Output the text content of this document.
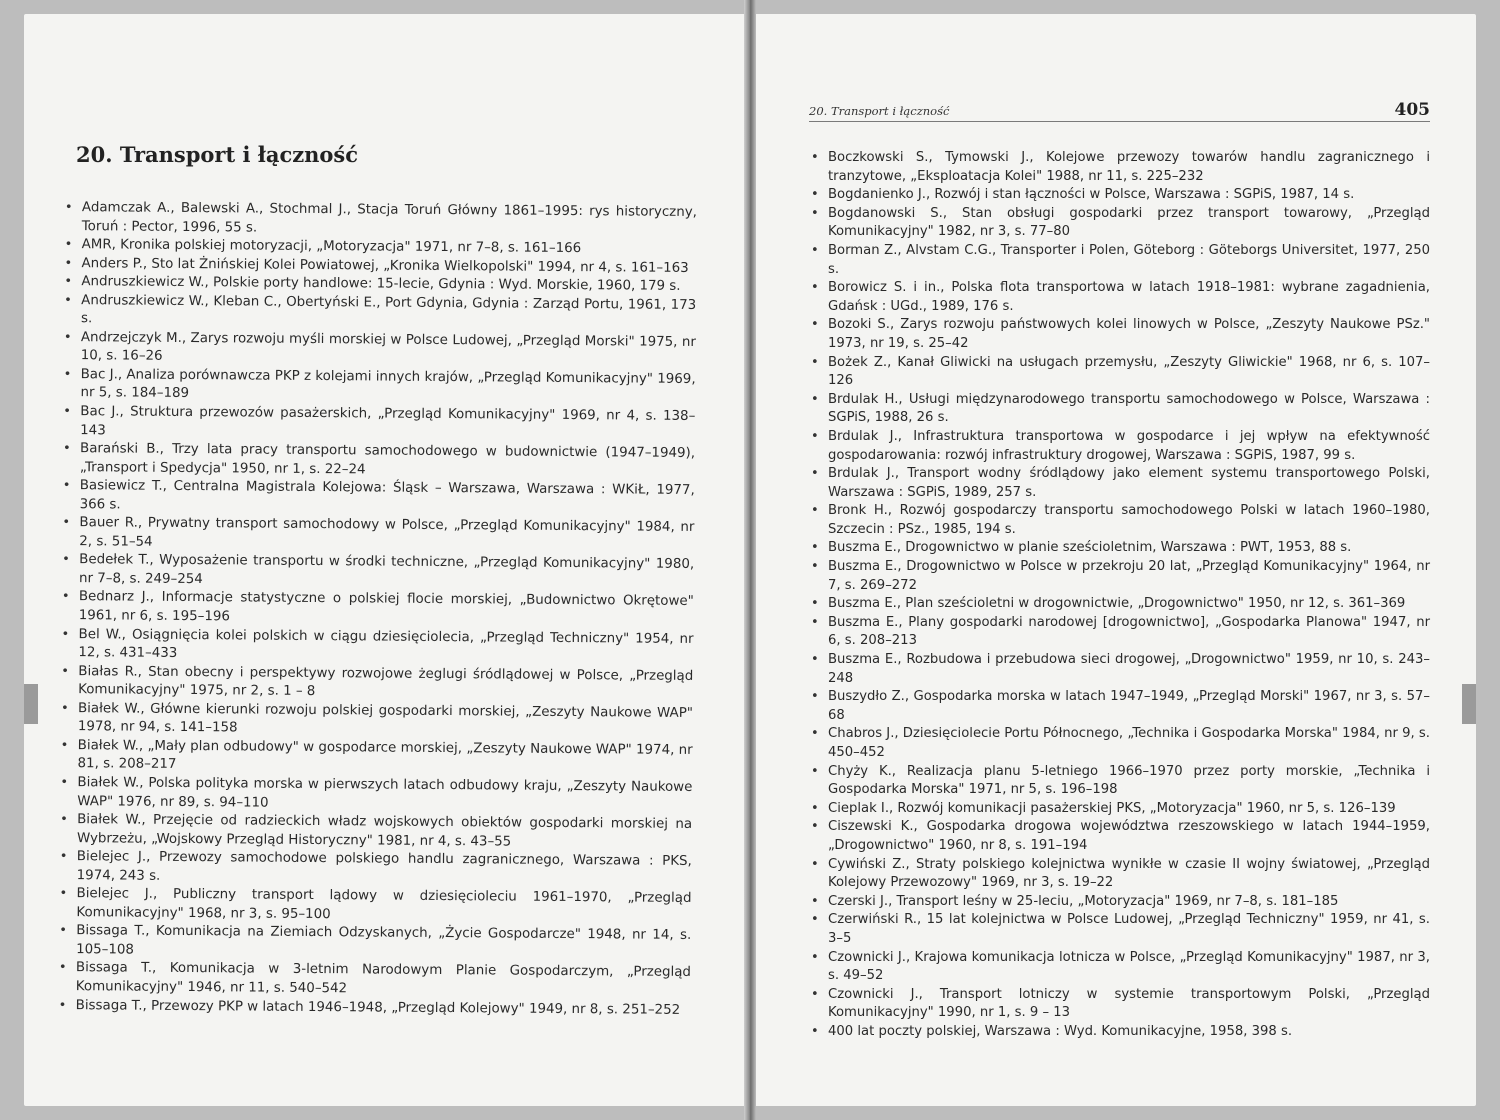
20. Transport i łączność
• Adamczak A., Balewski A., Stochmal J., Stacja Toruń Główny 1861–1995: rys historyczny, Toruń : Pector, 1996, 55 s.
• AMR, Kronika polskiej motoryzacji, „Motoryzacja" 1971, nr 7–8, s. 161–166
• Anders P., Sto lat Żnińskiej Kolei Powiatowej, „Kronika Wielkopolski" 1994, nr 4, s. 161–163
• Andruszkiewicz W., Polskie porty handlowe: 15-lecie, Gdynia : Wyd. Morskie, 1960, 179 s.
• Andruszkiewicz W., Kleban C., Obertyński E., Port Gdynia, Gdynia : Zarząd Portu, 1961, 173 s.
• Andrzejczyk M., Zarys rozwoju myśli morskiej w Polsce Ludowej, „Przegląd Morski" 1975, nr 10, s. 16–26
• Bac J., Analiza porównawcza PKP z kolejami innych krajów, „Przegląd Komunikacyjny" 1969, nr 5, s. 184–189
• Bac J., Struktura przewozów pasażerskich, „Przegląd Komunikacyjny" 1969, nr 4, s. 138–143
• Barański B., Trzy lata pracy transportu samochodowego w budownictwie (1947–1949), „Transport i Spedycja" 1950, nr 1, s. 22–24
• Basiewicz T., Centralna Magistrala Kolejowa: Śląsk – Warszawa, Warszawa : WKiŁ, 1977, 366 s.
• Bauer R., Prywatny transport samochodowy w Polsce, „Przegląd Komunikacyjny" 1984, nr 2, s. 51–54
• Bedełek T., Wyposażenie transportu w środki techniczne, „Przegląd Komunikacyjny" 1980, nr 7–8, s. 249–254
• Bednarz J., Informacje statystyczne o polskiej flocie morskiej, „Budownictwo Okrętowe" 1961, nr 6, s. 195–196
• Bel W., Osiągnięcia kolei polskich w ciągu dziesięciolecia, „Przegląd Techniczny" 1954, nr 12, s. 431–433
• Białas R., Stan obecny i perspektywy rozwojowe żeglugi śródlądowej w Polsce, „Przegląd Komunikacyjny" 1975, nr 2, s. 1 – 8
• Białek W., Główne kierunki rozwoju polskiej gospodarki morskiej, „Zeszyty Naukowe WAP" 1978, nr 94, s. 141–158
• Białek W., „Mały plan odbudowy" w gospodarce morskiej, „Zeszyty Naukowe WAP" 1974, nr 81, s. 208–217
• Białek W., Polska polityka morska w pierwszych latach odbudowy kraju, „Zeszyty Naukowe WAP" 1976, nr 89, s. 94–110
• Białek W., Przejęcie od radzieckich władz wojskowych obiektów gospodarki morskiej na Wybrzeżu, „Wojskowy Przegląd Historyczny" 1981, nr 4, s. 43–55
• Bielejec J., Przewozy samochodowe polskiego handlu zagranicznego, Warszawa : PKS, 1974, 243 s.
• Bielejec J., Publiczny transport lądowy w dziesięcioleciu 1961–1970, „Przegląd Komunikacyjny" 1968, nr 3, s. 95–100
• Bissaga T., Komunikacja na Ziemiach Odzyskanych, „Życie Gospodarcze" 1948, nr 14, s. 105–108
• Bissaga T., Komunikacja w 3-letnim Narodowym Planie Gospodarczym, „Przegląd Komunikacyjny" 1946, nr 11, s. 540–542
• Bissaga T., Przewozy PKP w latach 1946–1948, „Przegląd Kolejowy" 1949, nr 8, s. 251–252
20. Transport i łączność	405
• Boczkowski S., Tymowski J., Kolejowe przewozy towarów handlu zagranicznego i tranzytowe, „Eksploatacja Kolei" 1988, nr 11, s. 225–232
• Bogdanienko J., Rozwój i stan łączności w Polsce, Warszawa : SGPiS, 1987, 14 s.
• Bogdanowski S., Stan obsługi gospodarki przez transport towarowy, „Przegląd Komunikacyjny" 1982, nr 3, s. 77–80
• Borman Z., Alvstam C.G., Transporter i Polen, Göteborg : Göteborgs Universitet, 1977, 250 s.
• Borowicz S. i in., Polska flota transportowa w latach 1918–1981: wybrane zagadnienia, Gdańsk : UGd., 1989, 176 s.
• Bozoki S., Zarys rozwoju państwowych kolei linowych w Polsce, „Zeszyty Naukowe PSz." 1973, nr 19, s. 25–42
• Bożek Z., Kanał Gliwicki na usługach przemysłu, „Zeszyty Gliwickie" 1968, nr 6, s. 107–126
• Brdulak H., Usługi międzynarodowego transportu samochodowego w Polsce, Warszawa : SGPiS, 1988, 26 s.
• Brdulak J., Infrastruktura transportowa w gospodarce i jej wpływ na efektywność gospodarowania: rozwój infrastruktury drogowej, Warszawa : SGPiS, 1987, 99 s.
• Brdulak J., Transport wodny śródlądowy jako element systemu transportowego Polski, Warszawa : SGPiS, 1989, 257 s.
• Bronk H., Rozwój gospodarczy transportu samochodowego Polski w latach 1960–1980, Szczecin : PSz., 1985, 194 s.
• Buszma E., Drogownictwo w planie sześcioletnim, Warszawa : PWT, 1953, 88 s.
• Buszma E., Drogownictwo w Polsce w przekroju 20 lat, „Przegląd Komunikacyjny" 1964, nr 7, s. 269–272
• Buszma E., Plan sześcioletni w drogownictwie, „Drogownictwo" 1950, nr 12, s. 361–369
• Buszma E., Plany gospodarki narodowej [drogownictwo], „Gospodarka Planowa" 1947, nr 6, s. 208–213
• Buszma E., Rozbudowa i przebudowa sieci drogowej, „Drogownictwo" 1959, nr 10, s. 243–248
• Buszydło Z., Gospodarka morska w latach 1947–1949, „Przegląd Morski" 1967, nr 3, s. 57–68
• Chabros J., Dziesięciolecie Portu Północnego, „Technika i Gospodarka Morska" 1984, nr 9, s. 450–452
• Chyży K., Realizacja planu 5-letniego 1966–1970 przez porty morskie, „Technika i Gospodarka Morska" 1971, nr 5, s. 196–198
• Cieplak I., Rozwój komunikacji pasażerskiej PKS, „Motoryzacja" 1960, nr 5, s. 126–139
• Ciszewski K., Gospodarka drogowa województwa rzeszowskiego w latach 1944–1959, „Drogownictwo" 1960, nr 8, s. 191–194
• Cywiński Z., Straty polskiego kolejnictwa wynikłe w czasie II wojny światowej, „Przegląd Kolejowy Przewozowy" 1969, nr 3, s. 19–22
• Czerski J., Transport leśny w 25-leciu, „Motoryzacja" 1969, nr 7–8, s. 181–185
• Czerwiński R., 15 lat kolejnictwa w Polsce Ludowej, „Przegląd Techniczny" 1959, nr 41, s. 3–5
• Czownicki J., Krajowa komunikacja lotnicza w Polsce, „Przegląd Komunikacyjny" 1987, nr 3, s. 49–52
• Czownicki J., Transport lotniczy w systemie transportowym Polski, „Przegląd Komunikacyjny" 1990, nr 1, s. 9 – 13
• 400 lat poczty polskiej, Warszawa : Wyd. Komunikacyjne, 1958, 398 s.
